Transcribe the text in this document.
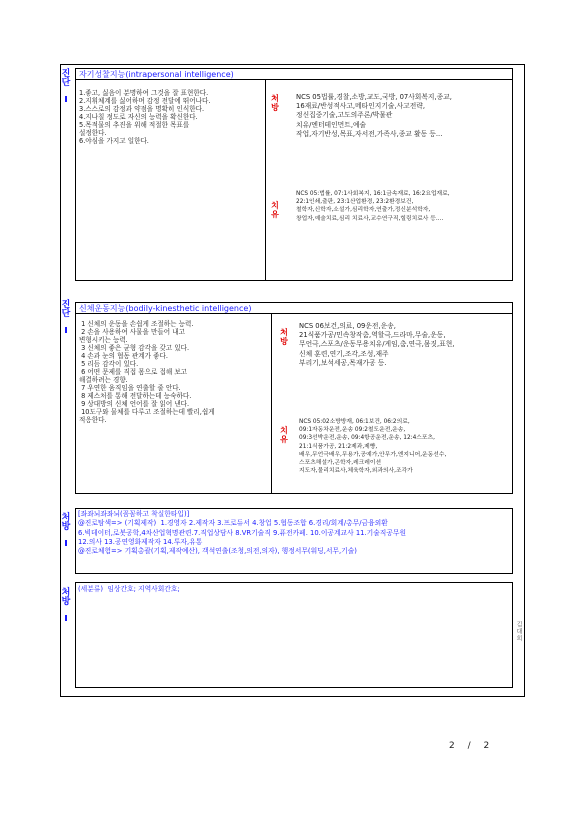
진단
자기성찰지능(intrapersonal intelligence)
1.좋고, 싫음이 분명하여 그것을 잘 표현한다.
2.지휘체계를 싫어하며 감정 전달에 뛰어나다.
3.스스로의 감정과 약점을 명확히 인식한다.
4.지나칠 정도로 자신의 능력을 확신한다.
5.목적물의 추진을 위해 적절한 목표를
설정한다.
6.야심을 가지고 일한다.
처방
NCS 05법률,경찰,소방,교도,국방, 07사회복지,종교,
16재료/반성적사고,메타인지기술,사고전략,
정신집중기술,고도의주론/박물관
치유/엔터테인먼트,예술
작업,자기반성,목표,자서전,가족사,종교 활동 등...
치유
NCS 05:법률, 07:1사회복지, 16:1금속재료, 16:2요업재료,
22:1인쇄,출판, 23:1산업환경, 23:2환경보건,
철학자,신학자,소설가,심리학자,연출가,정신분석학자,
창업자,예술치료,심리 치료사,교수연구직,힐링치료사 등....
진단
신체운동지능(bodily-kinesthetic intelligence)
1 신체의 운동을 손쉽게 조절하는 능력.
2 손을 사용하여 사물을 만들어 내고
변형시키는 능력.
3 신체의 좋은 균형 감각을 갖고 있다.
4 손과 눈의 협동 관계가 좋다.
5 리듬 감각이 있다.
6 어떤 문제를 직접 몸으로 접해 보고
해결하려는 경향.
7 우연한 움직임을 연출할 줄 안다.
8 제스처를 통해 전달하는데 능숙하다.
9 상대방의 신체 언어를 잘 읽어 낸다.
10도구와 물체를 다루고 조절하는데 빨리,쉽게
적응한다.
처방
NCS 06보건,의료, 09운전,운송,
21식품가공/민속창작춤,역할극,드라마,무술,운동,
무언극,스포츠/운동무용치유/게임,춤,연극,몸짓,표현,
신체 훈련,연기,조각,조성,재주
부리기,보석세공,목재가공 등.
치유
NCS 05:02소방방재, 06:1보건, 06:2의료,
09:1자동차운전,운송 09:2철도운전,운송,
09:3선박운전,운송, 09:4항공운전,운송, 12:4스포츠,
21:1식품가공, 21:2제과,제빵,
배우,무언극배우,무용가,공예가,안무가,엔지니어,운동선수,
스포츠해설가,곤학자,레크레이션
지도자,물리치료사,체육학자,외과의사,조각가
처방
[좌좌뇌좌좌뇌(꼼꼼하고 착실한타입)]
@진로탐색=> (기획제작)  1.경영자 2.제작자 3.프로듀서 4.창업 5.협동조합 6.경리/회계/총무/금융외환
6.빅데이터,로봇공학,4차산업혁명관련.7.직업상담사 8.VR기술직 9.퓨전카페. 10.이공계교사 11.기술직공무원
12.의사 13.공연영화제작자 14.투자,유통
@진로체험=> 기획총괄(기획,제작예산), 객석연출(조청,의전,의자), 행정서무(워딩,서무,기술)
처방
(세분류)  임상간호; 지역사회간호;
김대희
2 / 2
